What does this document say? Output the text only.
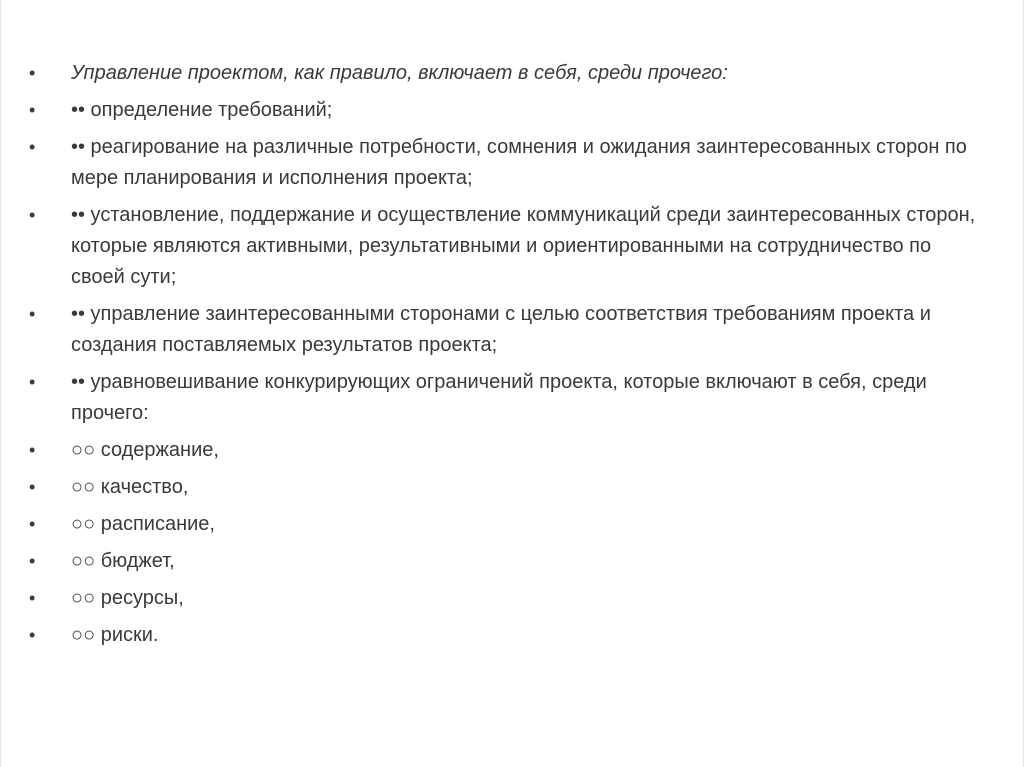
•	Управление проектом, как правило, включает в себя, среди прочего:
•	•• определение требований;
•	•• реагирование на различные потребности, сомнения и ожидания заинтересованных сторон по мере планирования и исполнения проекта;
•	•• установление, поддержание и осуществление коммуникаций среди заинтересованных сторон, которые являются активными, результативными и ориентированными на сотрудничество по своей сути;
•	•• управление заинтересованными сторонами с целью соответствия требованиям проекта и создания поставляемых результатов проекта;
•	•• уравновешивание конкурирующих ограничений проекта, которые включают в себя, среди прочего:
•	○○ содержание,
•	○○ качество,
•	○○ расписание,
•	○○ бюджет,
•	○○ ресурсы,
•	○○ риски.
